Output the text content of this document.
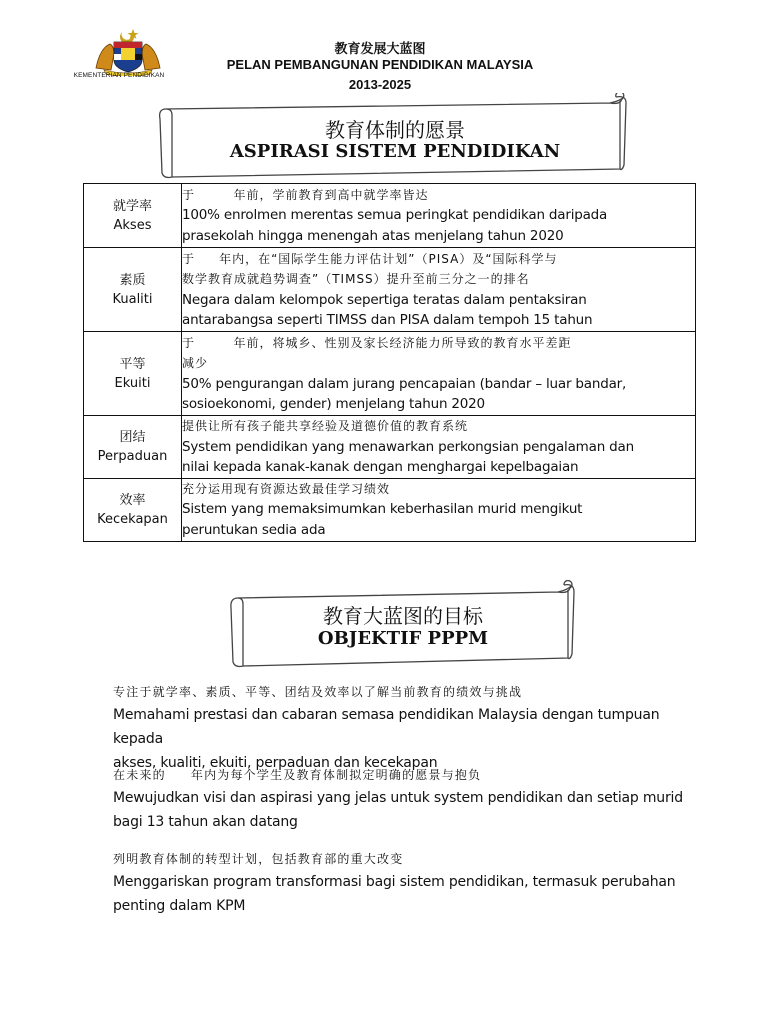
KEMENTERIAN PENDIDIKAN
教育发展大蓝图
PELAN PEMBANGUNAN PENDIDIKAN MALAYSIA
2013-2025
教育体制的愿景
ASPIRASI SISTEM PENDIDIKAN
就学率
Akses	于        年前，学前教育到高中就学率皆达
100% enrolmen merentas semua peringkat pendidikan daripada
prasekolah hingga menengah atas menjelang tahun 2020

素质
Kualiti	于     年内，在“国际学生能力评估计划”（PISA）及“国际科学与
数学教育成就趋势调查”（TIMSS）提升至前三分之一的排名
Negara dalam kelompok sepertiga teratas dalam pentaksiran
antarabangsa seperti TIMSS dan PISA dalam tempoh 15 tahun

平等
Ekuiti	于        年前，将城乡、性别及家长经济能力所导致的教育水平差距
减少
50% pengurangan dalam jurang pencapaian (bandar – luar bandar,
sosioekonomi, gender) menjelang tahun 2020

团结
Perpaduan	提供让所有孩子能共享经验及道德价值的教育系统
System pendidikan yang menawarkan perkongsian pengalaman dan
nilai kepada kanak-kanak dengan menghargai kepelbagaian

效率
Kecekapan	充分运用现有资源达致最佳学习绩效
Sistem yang memaksimumkan keberhasilan murid mengikut
peruntukan sedia ada
教育大蓝图的目标
OBJEKTIF PPPM
专注于就学率、素质、平等、团结及效率以了解当前教育的绩效与挑战
Memahami prestasi dan cabaran semasa pendidikan Malaysia dengan tumpuan kepada
akses, kualiti, ekuiti, perpaduan dan kecekapan
在未来的     年内为每个学生及教育体制拟定明确的愿景与抱负
Mewujudkan visi dan aspirasi yang jelas untuk system pendidikan dan setiap murid
bagi 13 tahun akan datang
列明教育体制的转型计划，包括教育部的重大改变
Menggariskan program transformasi bagi sistem pendidikan, termasuk perubahan
penting dalam KPM
